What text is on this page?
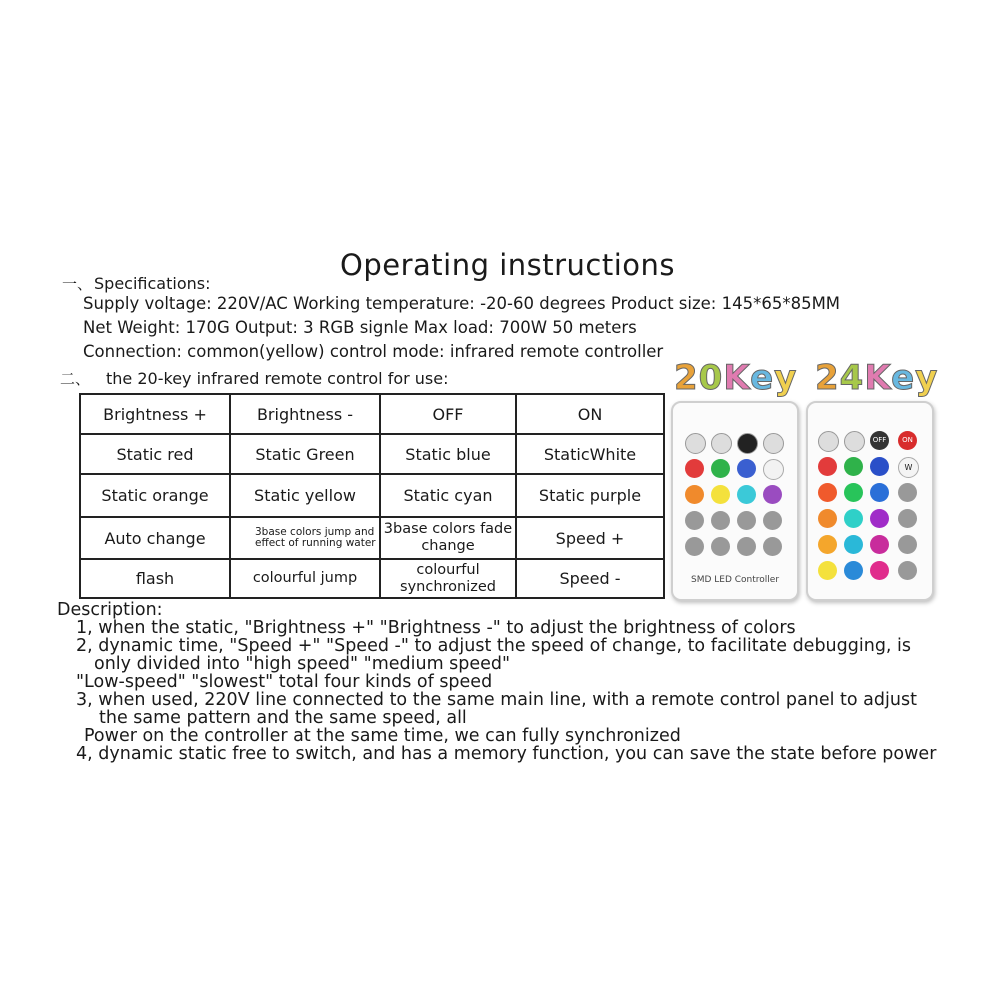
Operating instructions
一、 Specifications:
Supply voltage: 220V/AC Working temperature: -20-60 degrees Product size: 145*65*85MM
Net Weight: 170G Output: 3 RGB signle Max load: 700W 50 meters
Connection: common(yellow) control mode: infrared remote controller
二、 the 20-key infrared remote control for use:
Brightness +	Brightness -	OFF	ON
Static red	Static Green	Static blue	StaticWhite
Static orange	Static yellow	Static cyan	Static purple
Auto change	3base colors jump and effect of running water	3base colors fade change	Speed +
flash	colourful jump	colourful synchronized	Speed -
20Key 24Key
SMD LED Controller
OFF	ON
W
Description:
1, when the static, "Brightness +" "Brightness -" to adjust the brightness of colors
2, dynamic time, "Speed +" "Speed -" to adjust the speed of change, to facilitate debugging, is
only divided into "high speed" "medium speed"
"Low-speed" "slowest" total four kinds of speed
3, when used, 220V line connected to the same main line, with a remote control panel to adjust
the same pattern and the same speed, all
Power on the controller at the same time, we can fully synchronized
4, dynamic static free to switch, and has a memory function, you can save the state before power
